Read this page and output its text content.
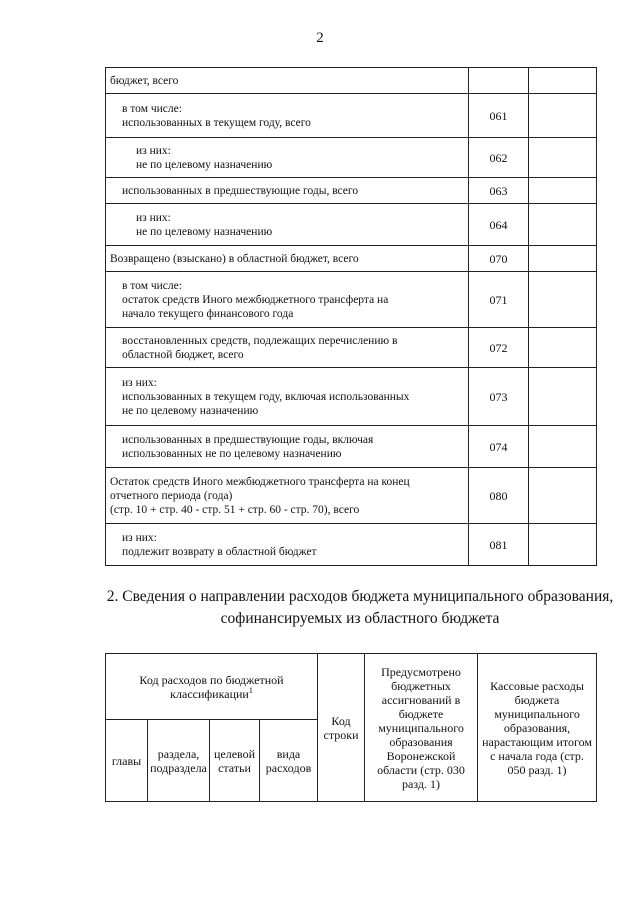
2
бюджет, всего		

в том числе:
использованных в текущем году, всего	061	

из них:
не по целевому назначению	062	

использованных в предшествующие годы, всего	063	

из них:
не по целевому назначению	064	

Возвращено (взыскано) в областной бюджет, всего	070	

в том числе:
остаток средств Иного межбюджетного трансферта на
начало текущего финансового года	071	

восстановленных средств, подлежащих перечислению в
областной бюджет, всего	072	

из них:
использованных в текущем году, включая использованных
не по целевому назначению	073	

использованных в предшествующие годы, включая
использованных не по целевому назначению	074	

Остаток средств Иного межбюджетного трансферта на конец
отчетного периода (года)
(стр. 10 + стр. 40 - стр. 51 + стр. 60 - стр. 70), всего	080	

из них:
подлежит возврату в областной бюджет	081	
2. Сведения о направлении расходов бюджета муниципального образования,
софинансируемых из областного бюджета
Код расходов по бюджетной классификации$^1$				Код строки	Предусмотрено бюджетных ассигнований в бюджете муниципального образования Воронежской области (стр. 030 разд. 1)	Кассовые расходы бюджета муниципального образования, нарастающим итогом с начала года (стр. 050 разд. 1)
главы	раздела, подраздела	целевой статьи	вида расходов			
